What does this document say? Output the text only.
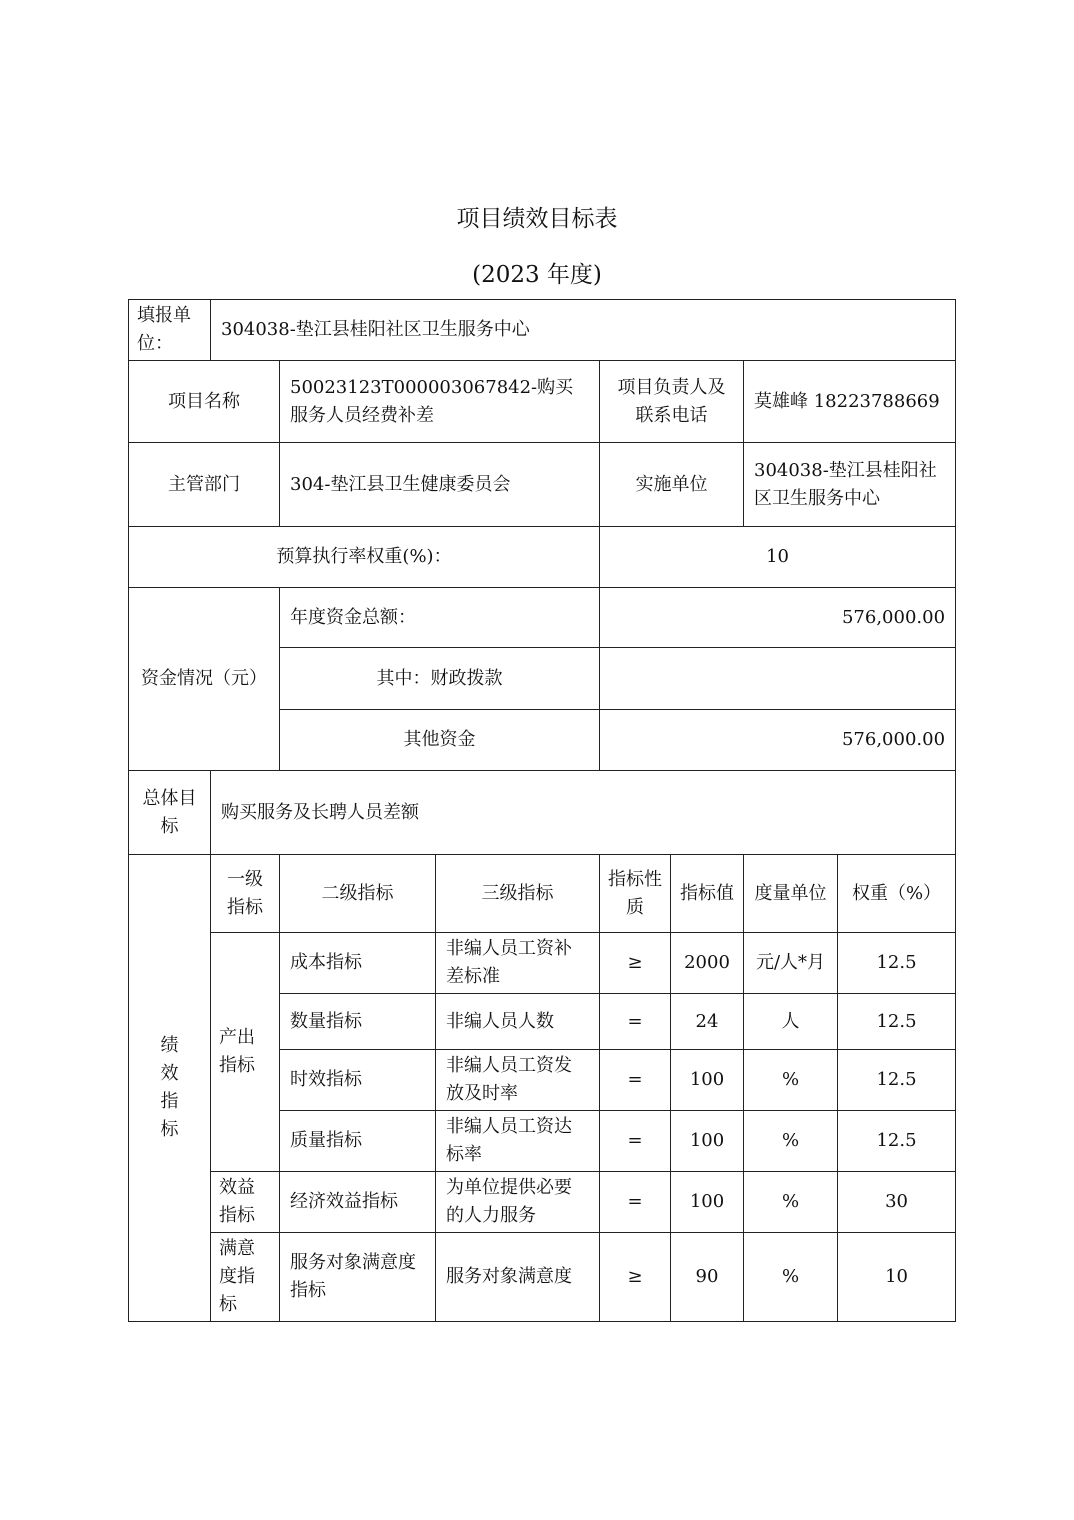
项目绩效目标表
(2023 年度)
填报单位：	304038-垫江县桂阳社区卫生服务中心						
项目名称		50023123T000003067842-购买服务人员经费补差		项目负责人及联系电话		莫雄峰 18223788669	
主管部门		304-垫江县卫生健康委员会		实施单位		304038-垫江县桂阳社区卫生服务中心	
预算执行率权重(%)：				10			
资金情况（元）		年度资金总额：		576,000.00			
		其中：财政拨款					
		其他资金		576,000.00			
总体目标	购买服务及长聘人员差额						
绩效指标	一级指标	二级指标	三级指标	指标性质	指标值	度量单位	权重（%）
	产出指标	成本指标	非编人员工资补差标准	≥	2000	元/人*月	12.5
		数量指标	非编人员人数	=	24	人	12.5
		时效指标	非编人员工资发放及时率	=	100	%	12.5
		质量指标	非编人员工资达标率	=	100	%	12.5
	效益指标	经济效益指标	为单位提供必要的人力服务	=	100	%	30
	满意度指标	服务对象满意度指标	服务对象满意度	≥	90	%	10
